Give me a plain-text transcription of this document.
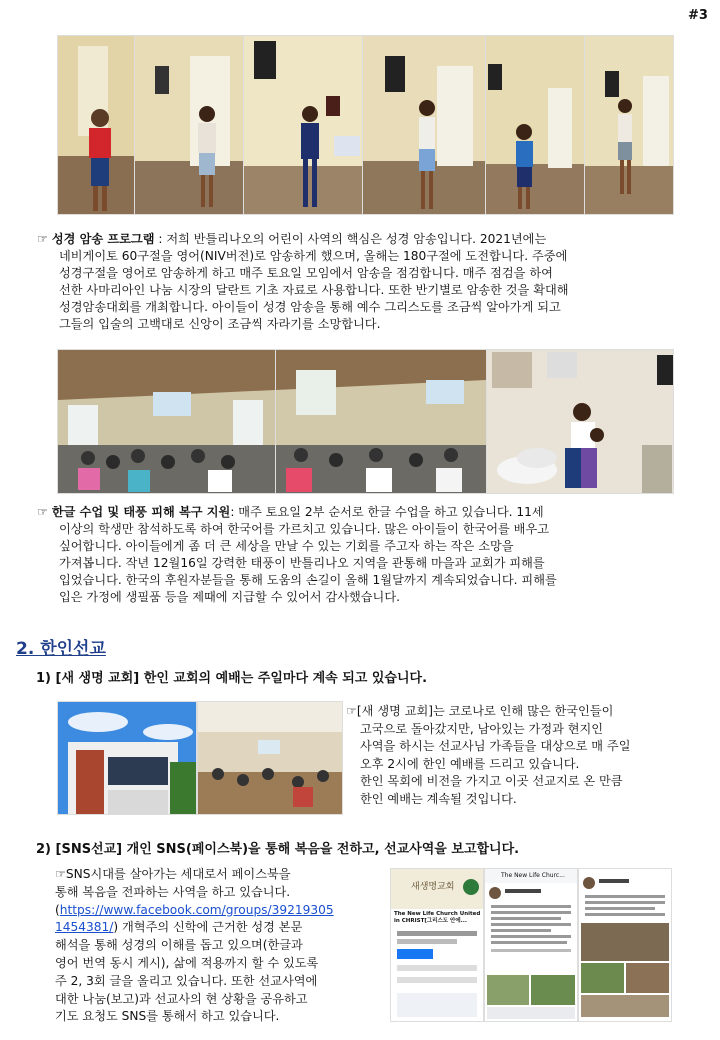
#3
☞ 성경 암송 프로그램 : 저희 반틀리나오의 어린이 사역의 핵심은 성경 암송입니다. 2021년에는
네비게이토 60구절을 영어(NIV버전)로 암송하게 했으며, 올해는 180구절에 도전합니다. 주중에
성경구절을 영어로 암송하게 하고 매주 토요일 모임에서 암송을 점검합니다. 매주 점검을 하여
선한 사마리아인 나눔 시장의 달란트 기초 자료로 사용합니다. 또한 반기별로 암송한 것을 확대해
성경암송대회를 개최합니다. 아이들이 성경 암송을 통해 예수 그리스도를 조금씩 알아가게 되고
그들의 입술의 고백대로 신앙이 조금씩 자라기를 소망합니다.
☞ 한글 수업 및 태풍 피해 복구 지원: 매주 토요일 2부 순서로 한글 수업을 하고 있습니다. 11세
이상의 학생만 참석하도록 하여 한국어를 가르치고 있습니다. 많은 아이들이 한국어를 배우고
싶어합니다. 아이들에게 좀 더 큰 세상을 만날 수 있는 기회를 주고자 하는 작은 소망을
가져봅니다. 작년 12월16일 강력한 태풍이 반틀리나오 지역을 관통해 마을과 교회가 피해를
입었습니다. 한국의 후원자분들을 통해 도움의 손길이 올해 1월달까지 계속되었습니다. 피해를
입은 가정에 생필품 등을 제때에 지급할 수 있어서 감사했습니다.
2. 한인선교
1) [새 생명 교회] 한인 교회의 예배는 주일마다 계속 되고 있습니다.
☞[새 생명 교회]는 코로나로 인해 많은 한국인들이
고국으로 돌아갔지만, 남아있는 가정과 현지인
사역을 하시는 선교사님 가족들을 대상으로 매 주일
오후 2시에 한인 예배를 드리고 있습니다.
한인 목회에 비전을 가지고 이곳 선교지로 온 만큼
한인 예배는 계속될 것입니다.
2) [SNS선교] 개인 SNS(페이스북)을 통해 복음을 전하고, 선교사역을 보고합니다.
☞SNS시대를 살아가는 세대로서 페이스북을
통해 복음을 전파하는 사역을 하고 있습니다.
(https://www.facebook.com/groups/39219305
1454381/) 개혁주의 신학에 근거한 성경 본문
해석을 통해 성경의 이해를 돕고 있으며(한글과
영어 번역 동시 게시), 삶에 적용까지 할 수 있도록
주 2, 3회 글을 올리고 있습니다. 또한 선교사역에
대한 나눔(보고)과 선교사의 현 상황을 공유하고
기도 요청도 SNS를 통해서 하고 있습니다.
새생명교회
The New Life Church United in CHRIST[그리스도 안에...
The New Life Churc...
